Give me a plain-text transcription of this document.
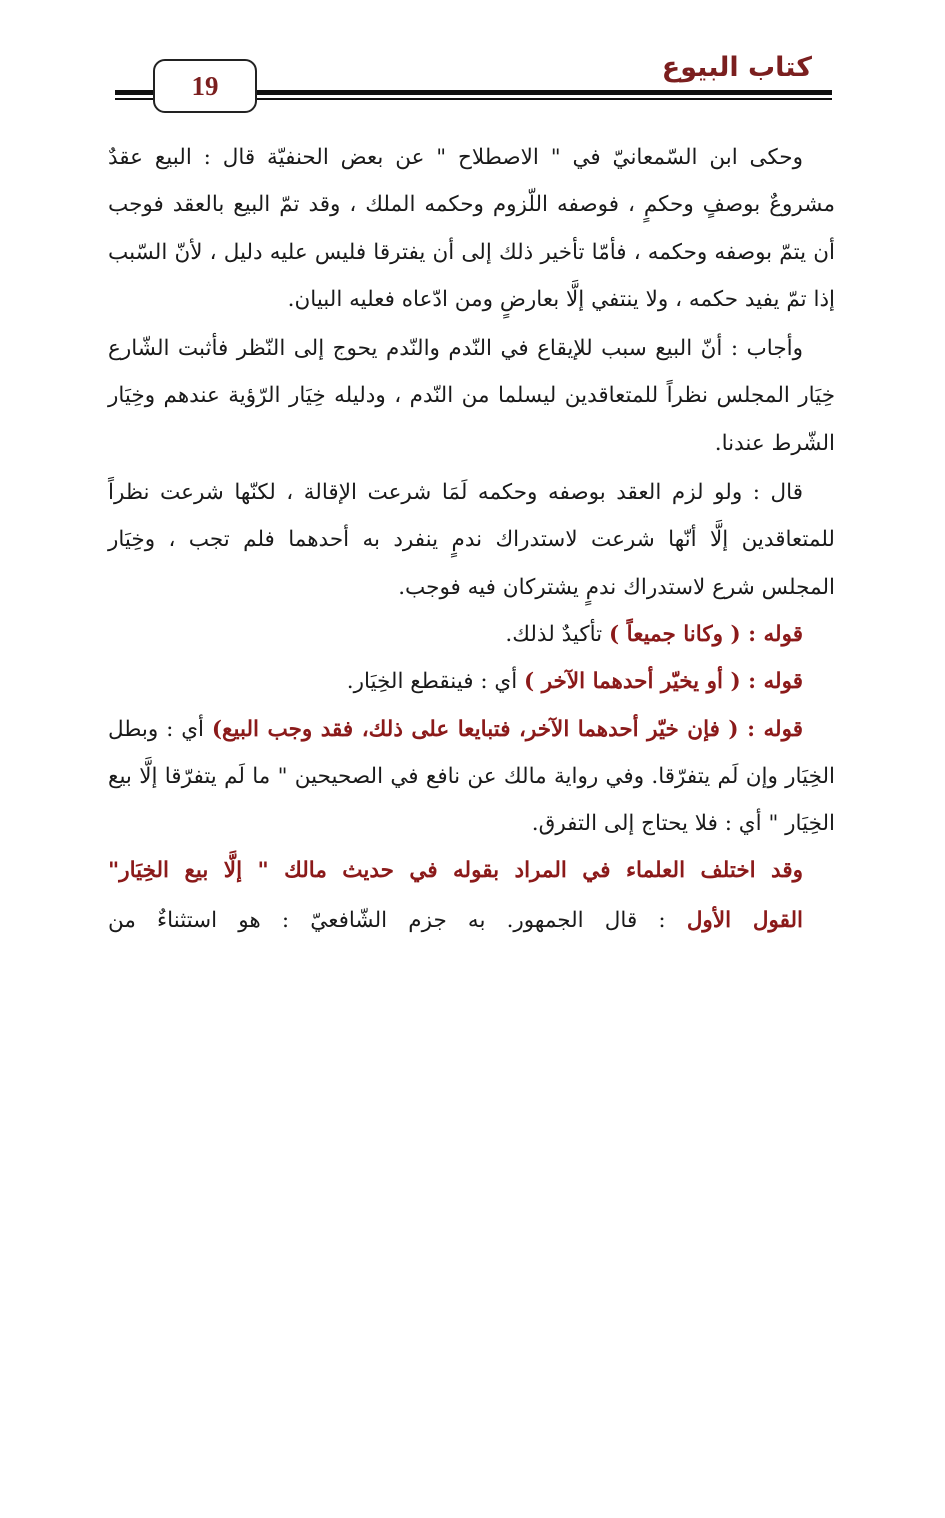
كتاب البيوع
19

وحكى ابن السّمعانيّ في " الاصطلاح " عن بعض الحنفيّة قال : البيع عقدٌ مشروعٌ بوصفٍ وحكمٍ ، فوصفه اللّزوم وحكمه الملك ، وقد تمّ البيع بالعقد فوجب أن يتمّ بوصفه وحكمه ، فأمّا تأخير ذلك إلى أن يفترقا فليس عليه دليل ، لأنّ السّبب إذا تمّ يفيد حكمه ، ولا ينتفي إلَّا بعارضٍ ومن ادّعاه فعليه البيان.

وأجاب : أنّ البيع سبب للإيقاع في النّدم والنّدم يحوج إلى النّظر فأثبت الشّارع خِيَار المجلس نظراً للمتعاقدين ليسلما من النّدم ، ودليله خِيَار الرّؤية عندهم وخِيَار الشّرط عندنا.

قال : ولو لزم العقد بوصفه وحكمه لَمَا شرعت الإقالة ، لكنّها شرعت نظراً للمتعاقدين إلَّا أنّها شرعت لاستدراك ندمٍ ينفرد به أحدهما فلم تجب ، وخِيَار المجلس شرع لاستدراك ندمٍ يشتركان فيه فوجب.

قوله : ( وكانا جميعاً ) تأكيدٌ لذلك.

قوله : ( أو يخيّر أحدهما الآخر ) أي : فينقطع الخِيَار.

قوله : ( فإن خيّر أحدهما الآخر، فتبايعا على ذلك، فقد وجب البيع) أي : وبطل الخِيَار وإن لَم يتفرّقا. وفي رواية مالك عن نافع في الصحيحين " ما لَم يتفرّقا إلَّا بيع الخِيَار " أي : فلا يحتاج إلى التفرق.

وقد اختلف العلماء في المراد بقوله في حديث مالك " إلَّا بيع الخِيَار"

القول الأول : قال الجمهور. به جزم الشّافعيّ : هو استثناءٌ من
